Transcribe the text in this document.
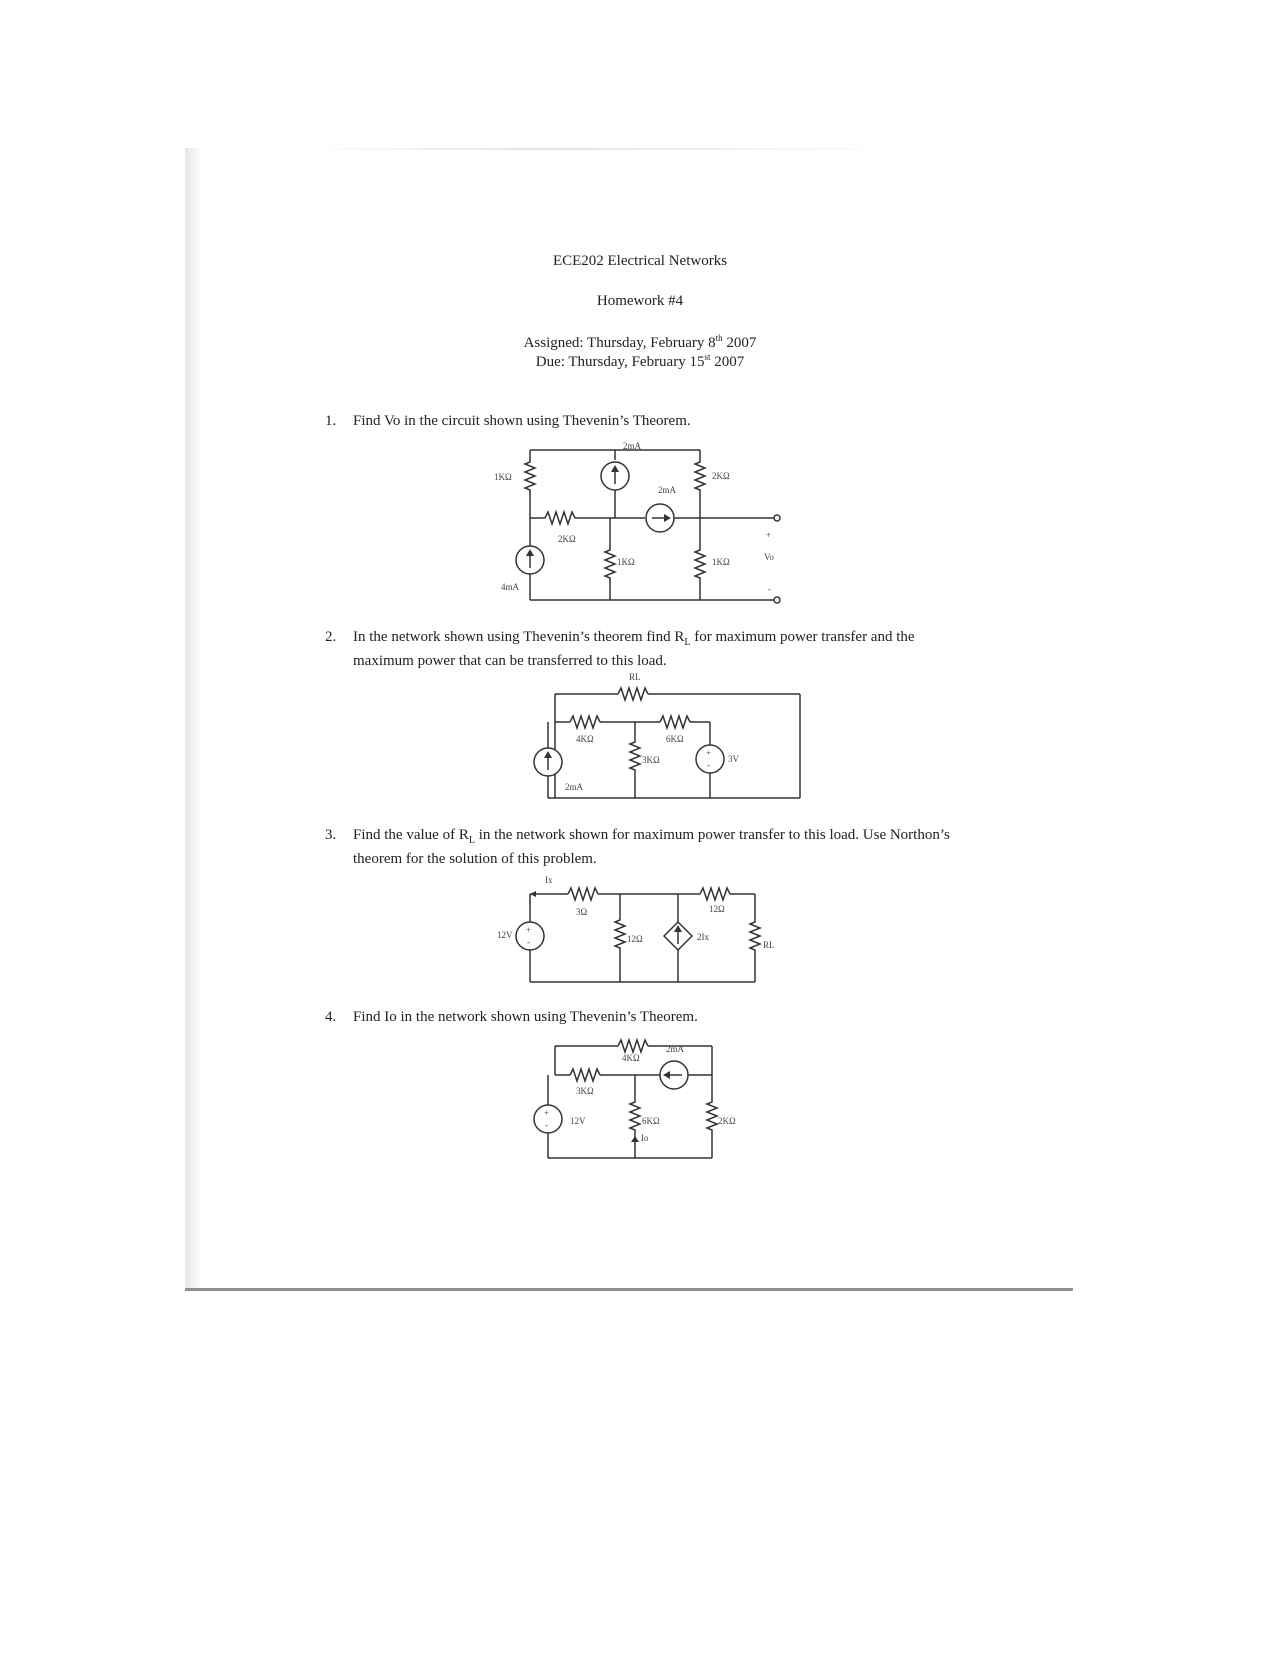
ECE202 Electrical Networks
Homework #4
Assigned: Thursday, February 8th 2007
Due: Thursday, February 15st 2007
1. Find Vo in the circuit shown using Thevenin’s Theorem.
1KΩ
2KΩ
2mA
2mA
2KΩ
1KΩ	1KΩ
4mA
+
Vo
-
2. In the network shown using Thevenin’s theorem find $R_L$ for maximum power transfer and the maximum power that can be transferred to this load.
RL
4KΩ	6KΩ
3KΩ
2mA
+
-
3V
3. Find the value of $R_L$ in the network shown for maximum power transfer to this load. Use Northon’s theorem for the solution of this problem.
Ix
3Ω	12Ω
12V +
-	12Ω	2Ix
RL
4. Find Io in the network shown using Thevenin’s Theorem.
4KΩ
2mA
3KΩ
+
- 12V	6KΩ
Io
2KΩ
